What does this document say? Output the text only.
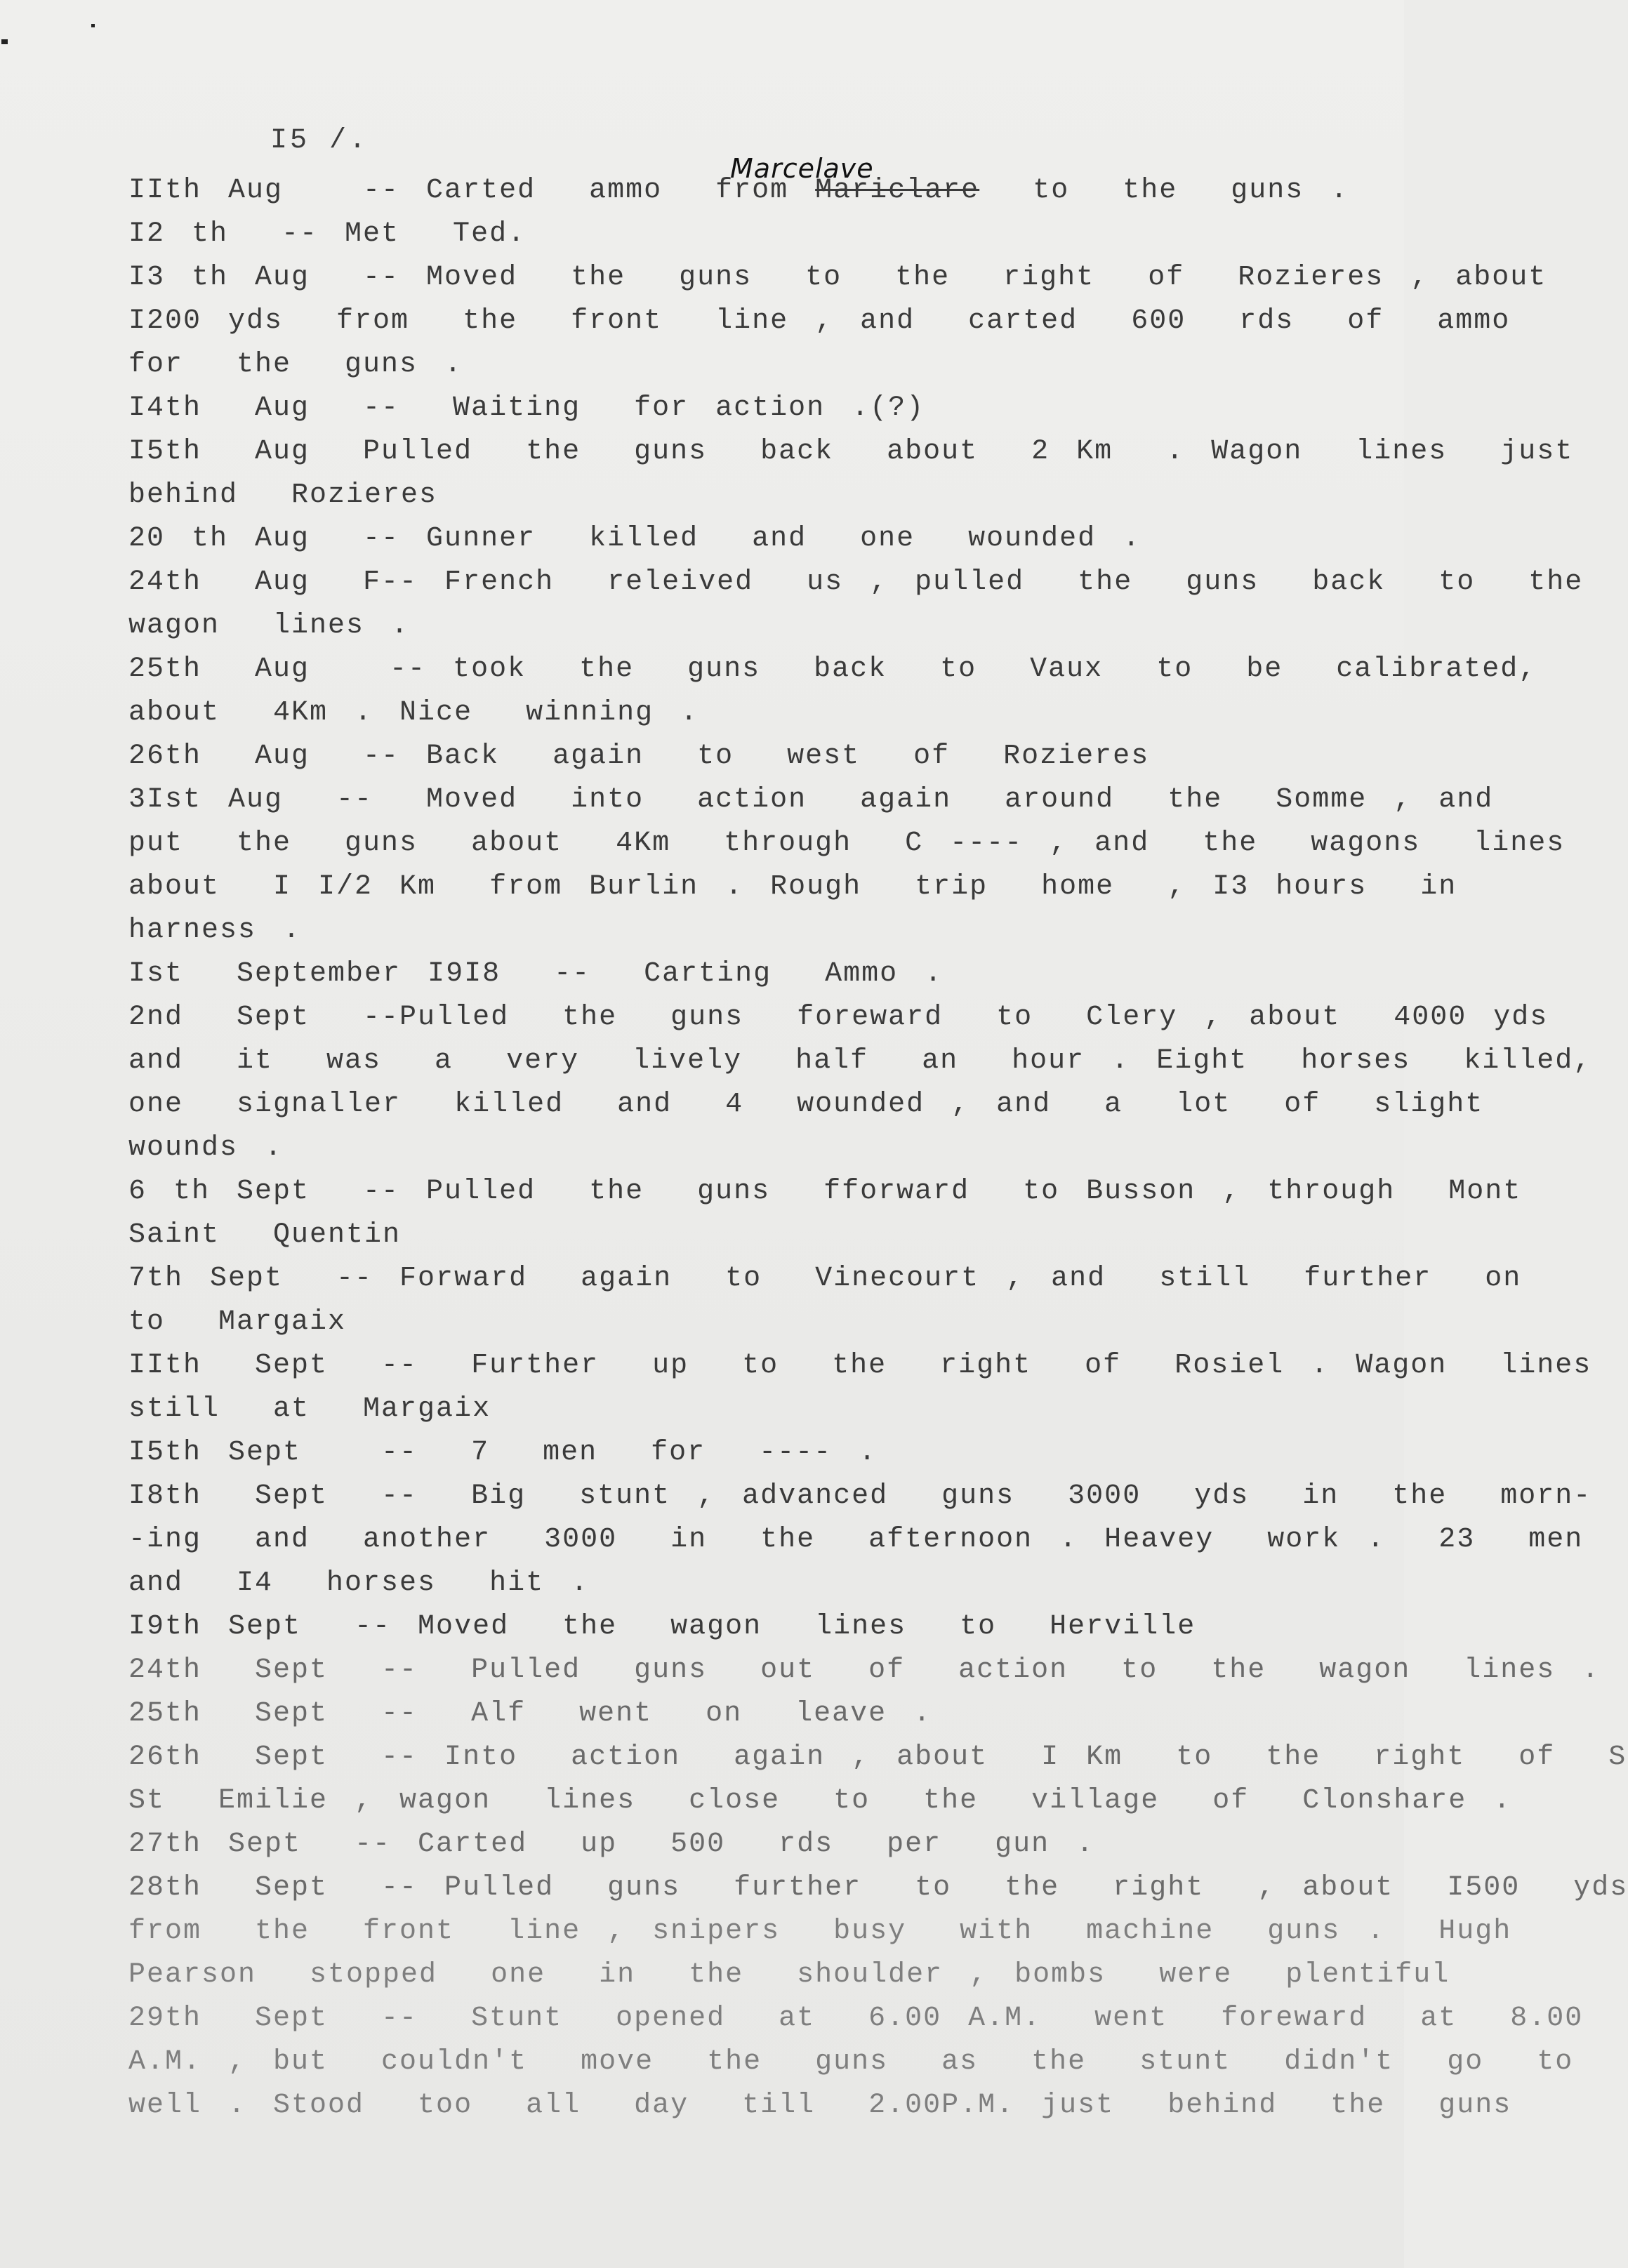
I5 /.
Marcelave
IIth Aug   -- Carted  ammo  from Mariclare  to  the  guns .
I2 th  -- Met  Ted.
I3 th Aug  -- Moved  the  guns  to  the  right  of  Rozieres , about
I200 yds  from  the  front  line , and  carted  600  rds  of  ammo
for  the  guns .
I4th  Aug  --  Waiting  for action .(?)
I5th  Aug  Pulled  the  guns  back  about  2 Km  . Wagon  lines  just
behind  Rozieres
20 th Aug  -- Gunner  killed  and  one  wounded .
24th  Aug  F-- French  releived  us , pulled  the  guns  back  to  the
wagon  lines .
25th  Aug   -- took  the  guns  back  to  Vaux  to  be  calibrated,
about  4Km . Nice  winning .
26th  Aug  -- Back  again  to  west  of  Rozieres
3Ist Aug  --  Moved  into  action  again  around  the  Somme , and
put  the  guns  about  4Km  through  C ---- , and  the  wagons  lines
about  I I/2 Km  from Burlin . Rough  trip  home  , I3 hours  in
harness .
Ist  September I9I8  --  Carting  Ammo .
2nd  Sept  --Pulled  the  guns  foreward  to  Clery , about  4000 yds
and  it  was  a  very  lively  half  an  hour . Eight  horses  killed,
one  signaller  killed  and  4  wounded , and  a  lot  of  slight
wounds .
6 th Sept  -- Pulled  the  guns  fforward  to Busson , through  Mont
Saint  Quentin
7th Sept  -- Forward  again  to  Vinecourt , and  still  further  on
to  Margaix
IIth  Sept  --  Further  up  to  the  right  of  Rosiel . Wagon  lines
still  at  Margaix
I5th Sept   --  7  men  for  ---- .
I8th  Sept  --  Big  stunt , advanced  guns  3000  yds  in  the  morn-
-ing  and  another  3000  in  the  afternoon . Heavey  work .  23  men
and  I4  horses  hit .
I9th Sept  -- Moved  the  wagon  lines  to  Herville
24th  Sept  --  Pulled  guns  out  of  action  to  the  wagon  lines .
25th  Sept  --  Alf  went  on  leave .
26th  Sept  -- Into  action  again , about  I Km  to  the  right  of  S
St  Emilie , wagon  lines  close  to  the  village  of  Clonshare .
27th Sept  -- Carted  up  500  rds  per  gun .
28th  Sept  -- Pulled  guns  further  to  the  right  , about  I500  yds
from  the  front  line , snipers  busy  with  machine  guns .  Hugh
Pearson  stopped  one  in  the  shoulder , bombs  were  plentiful
29th  Sept  --  Stunt  opened  at  6.00 A.M.  went  foreward  at  8.00
A.M. , but  couldn't  move  the  guns  as  the  stunt  didn't  go  to
well . Stood  too  all  day  till  2.00P.M. just  behind  the  guns
